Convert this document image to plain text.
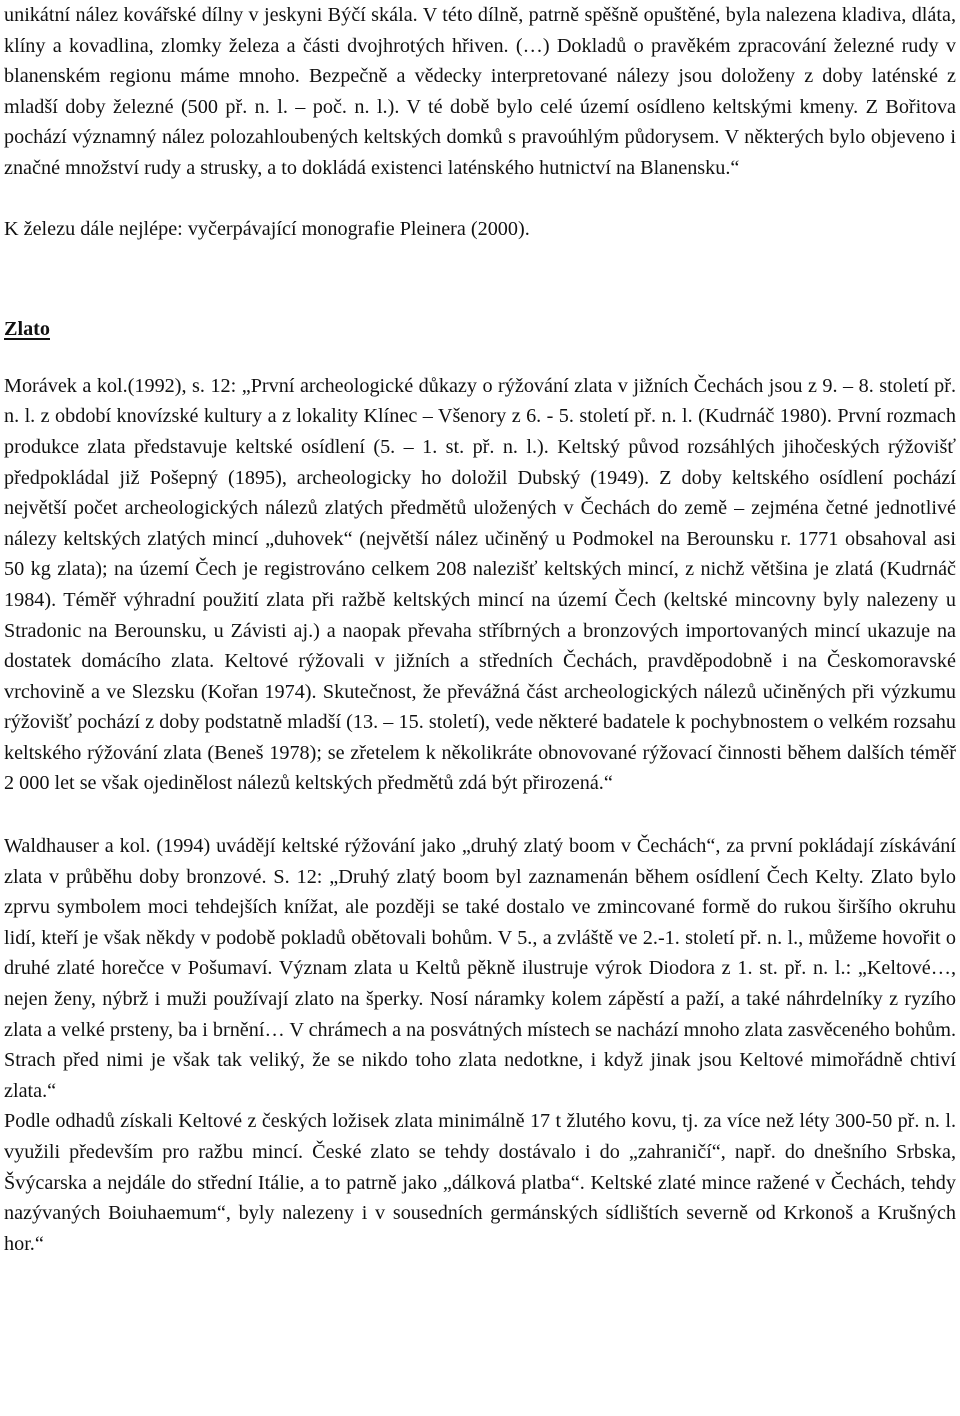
unikátní nález kovářské dílny v jeskyni Býčí skála. V této dílně, patrně spěšně opuštěné, byla nalezena kladiva, dláta, klíny a kovadlina, zlomky železa a části dvojhrotých hřiven. (…) Dokladů o pravěkém zpracování železné rudy v blanenském regionu máme mnoho. Bezpečně a vědecky interpretované nálezy jsou doloženy z doby laténské z mladší doby železné (500 př. n. l. – poč. n. l.). V té době bylo celé území osídleno keltskými kmeny. Z Bořitova pochází významný nález polozahloubených keltských domků s pravoúhlým půdorysem. V některých bylo objeveno i značné množství rudy a strusky, a to dokládá existenci laténského hutnictví na Blanensku.“

K železu dále nejlépe: vyčerpávající monografie Pleinera (2000).

Zlato

Morávek a kol.(1992), s. 12: „První archeologické důkazy o rýžování zlata v jižních Čechách jsou z 9. – 8. století př. n. l. z období knovízské kultury a z lokality Klínec – Všenory z 6. - 5. století př. n. l. (Kudrnáč 1980). První rozmach produkce zlata představuje keltské osídlení (5. – 1. st. př. n. l.). Keltský původ rozsáhlých jihočeských rýžovišť předpokládal již Pošepný (1895), archeologicky ho doložil Dubský (1949). Z doby keltského osídlení pochází největší počet archeologických nálezů zlatých předmětů uložených v Čechách do země – zejména četné jednotlivé nálezy keltských zlatých mincí „duhovek“ (největší nález učiněný u Podmokel na Berounsku r. 1771 obsahoval asi 50 kg zlata); na území Čech je registrováno celkem 208 nalezišť keltských mincí, z nichž většina je zlatá (Kudrnáč 1984). Téměř výhradní použití zlata při ražbě keltských mincí na území Čech (keltské mincovny byly nalezeny u Stradonic na Berounsku, u Závisti aj.) a naopak převaha stříbrných a bronzových importovaných mincí ukazuje na dostatek domácího zlata. Keltové rýžovali v jižních a středních Čechách, pravděpodobně i na Českomoravské vrchovině a ve Slezsku (Kořan 1974). Skutečnost, že převážná část archeologických nálezů učiněných při výzkumu rýžovišť pochází z doby podstatně mladší (13. – 15. století), vede některé badatele k pochybnostem o velkém rozsahu keltského rýžování zlata (Beneš 1978); se zřetelem k několikráte obnovované rýžovací činnosti během dalších téměř 2 000 let se však ojedinělost nálezů keltských předmětů zdá být přirozená.“

Waldhauser a kol. (1994) uvádějí keltské rýžování jako „druhý zlatý boom v Čechách“, za první pokládají získávání zlata v průběhu doby bronzové. S. 12: „Druhý zlatý boom byl zaznamenán během osídlení Čech Kelty. Zlato bylo zprvu symbolem moci tehdejších knížat, ale později se také dostalo ve zmincované formě do rukou širšího okruhu lidí, kteří je však někdy v podobě pokladů obětovali bohům. V 5., a zvláště ve 2.-1. století př. n. l., můžeme hovořit o druhé zlaté horečce v Pošumaví. Význam zlata u Keltů pěkně ilustruje výrok Diodora z 1. st. př. n. l.: „Keltové…, nejen ženy, nýbrž i muži používají zlato na šperky. Nosí náramky kolem zápěstí a paží, a také náhrdelníky z ryzího zlata a velké prsteny, ba i brnění… V chrámech a na posvátných místech se nachází mnoho zlata zasvěceného bohům. Strach před nimi je však tak veliký, že se nikdo toho zlata nedotkne, i když jinak jsou Keltové mimořádně chtiví zlata.“

Podle odhadů získali Keltové z českých ložisek zlata minimálně 17 t žlutého kovu, tj. za více než léty 300-50 př. n. l. využili především pro ražbu mincí. České zlato se tehdy dostávalo i do „zahraničí“, např. do dnešního Srbska, Švýcarska a nejdále do střední Itálie, a to patrně jako „dálková platba“. Keltské zlaté mince ražené v Čechách, tehdy nazývaných Boiuhaemum“, byly nalezeny i v sousedních germánských sídlištích severně od Krkonoš a Krušných hor.“
